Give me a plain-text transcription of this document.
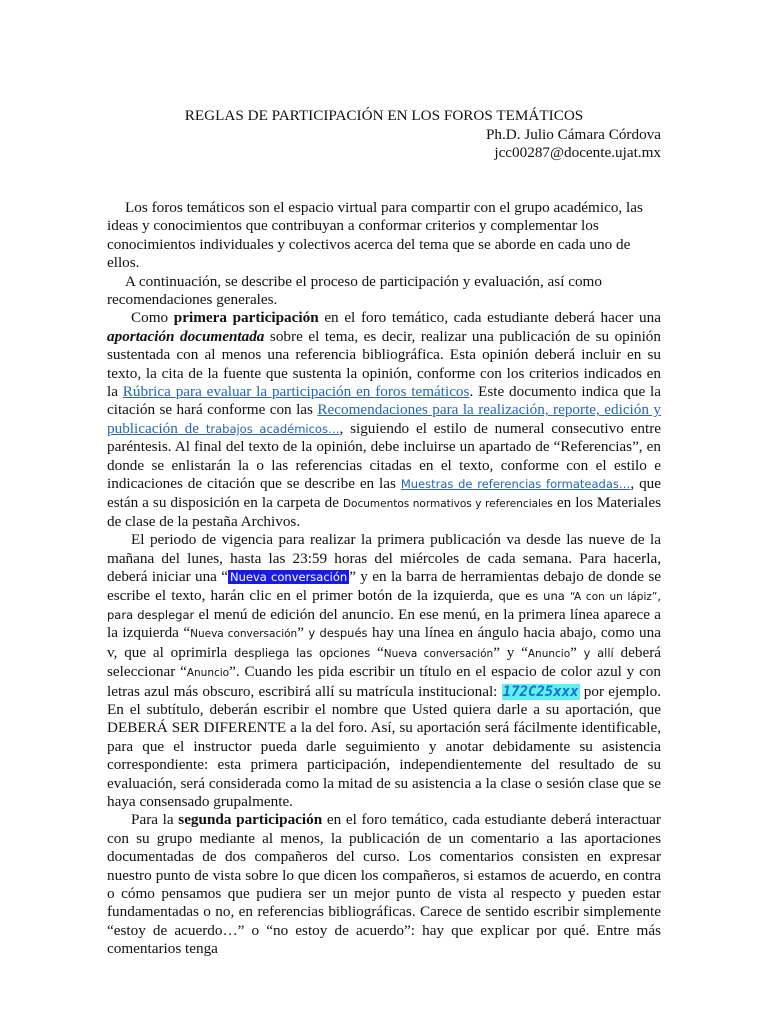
REGLAS DE PARTICIPACIÓN EN LOS FOROS TEMÁTICOS
Ph.D. Julio Cámara Córdova
jcc00287@docente.ujat.mx

Los foros temáticos son el espacio virtual para compartir con el grupo académico, las ideas y conocimientos que contribuyan a conformar criterios y complementar los conocimientos individuales y colectivos acerca del tema que se aborde en cada uno de ellos.

A continuación, se describe el proceso de participación y evaluación, así como recomendaciones generales.

Como primera participación en el foro temático, cada estudiante deberá hacer una aportación documentada sobre el tema, es decir, realizar una publicación de su opinión sustentada con al menos una referencia bibliográfica. Esta opinión deberá incluir en su texto, la cita de la fuente que sustenta la opinión, conforme con los criterios indicados en la Rúbrica para evaluar la participación en foros temáticos. Este documento indica que la citación se hará conforme con las Recomendaciones para la realización, reporte, edición y publicación de trabajos académicos…, siguiendo el estilo de numeral consecutivo entre paréntesis. Al final del texto de la opinión, debe incluirse un apartado de “Referencias”, en donde se enlistarán la o las referencias citadas en el texto, conforme con el estilo e indicaciones de citación que se describe en las Muestras de referencias formateadas…, que están a su disposición en la carpeta de Documentos normativos y referenciales en los Materiales de clase de la pestaña Archivos.

El periodo de vigencia para realizar la primera publicación va desde las nueve de la mañana del lunes, hasta las 23:59 horas del miércoles de cada semana. Para hacerla, deberá iniciar una “ Nueva conversación ” y en la barra de herramientas debajo de donde se escribe el texto, harán clic en el primer botón de la izquierda, que es una “A con un lápiz”, para desplegar el menú de edición del anuncio. En ese menú, en la primera línea aparece a la izquierda “Nueva conversación” y después hay una línea en ángulo hacia abajo, como una v, que al oprimirla despliega las opciones “Nueva conversación” y “Anuncio” y allí deberá seleccionar “Anuncio”. Cuando les pida escribir un título en el espacio de color azul y con letras azul más obscuro, escribirá allí su matrícula institucional: 172C25xxx por ejemplo. En el subtítulo, deberán escribir el nombre que Usted quiera darle a su aportación, que DEBERÁ SER DIFERENTE a la del foro. Así, su aportación será fácilmente identificable, para que el instructor pueda darle seguimiento y anotar debidamente su asistencia correspondiente: esta primera participación, independientemente del resultado de su evaluación, será considerada como la mitad de su asistencia a la clase o sesión clase que se haya consensado grupalmente.

Para la segunda participación en el foro temático, cada estudiante deberá interactuar con su grupo mediante al menos, la publicación de un comentario a las aportaciones documentadas de dos compañeros del curso. Los comentarios consisten en expresar nuestro punto de vista sobre lo que dicen los compañeros, si estamos de acuerdo, en contra o cómo pensamos que pudiera ser un mejor punto de vista al respecto y pueden estar fundamentadas o no, en referencias bibliográficas. Carece de sentido escribir simplemente “estoy de acuerdo…” o “no estoy de acuerdo”: hay que explicar por qué. Entre más comentarios tenga
